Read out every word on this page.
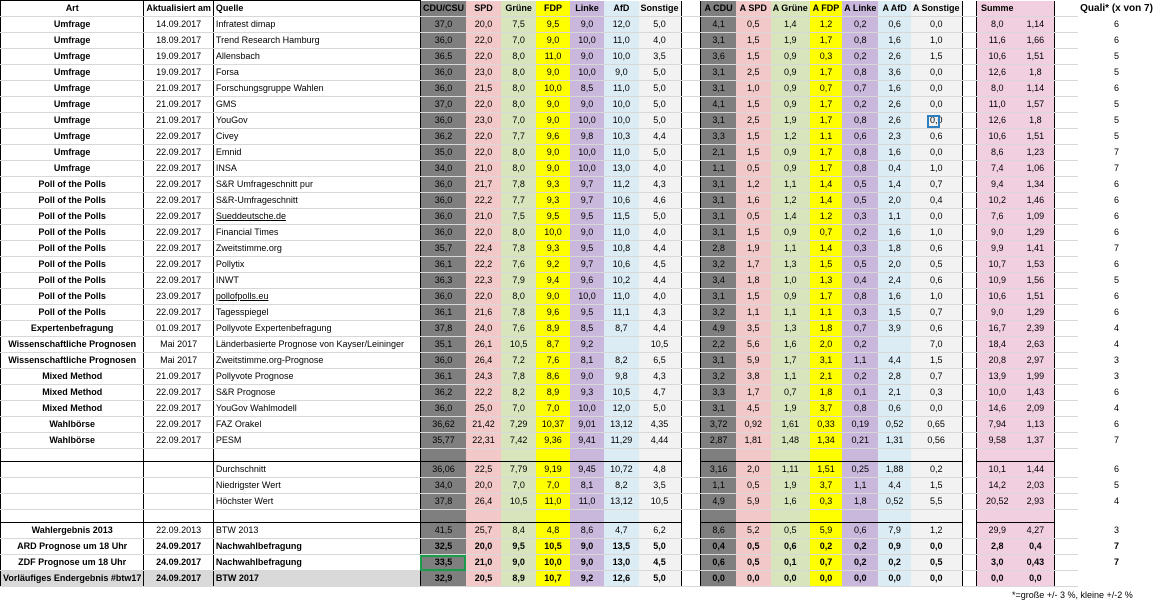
Art	Aktualisiert am	Quelle	CDU/CSU	SPD	Grüne	FDP	Linke	AfD	Sonstige		A CDU	A SPD	A Grüne	A FDP	A Linke	A AfD	A Sonstige		Summe			Quali* (x von 7)
Umfrage	14.09.2017	Infratest dimap	37,0	20,0	7,5	9,5	9,0	12,0	5,0		4,1	0,5	1,4	1,2	0,2	0,6	0,0		8,0	1,14		6
Umfrage	18.09.2017	Trend Research Hamburg	36,0	22,0	7,0	9,0	10,0	11,0	4,0		3,1	1,5	1,9	1,7	0,8	1,6	1,0		11,6	1,66		6
Umfrage	19.09.2017	Allensbach	36,5	22,0	8,0	11,0	9,0	10,0	3,5		3,6	1,5	0,9	0,3	0,2	2,6	1,5		10,6	1,51		5
Umfrage	19.09.2017	Forsa	36,0	23,0	8,0	9,0	10,0	9,0	5,0		3,1	2,5	0,9	1,7	0,8	3,6	0,0		12,6	1,8		5
Umfrage	21.09.2017	Forschungsgruppe Wahlen	36,0	21,5	8,0	10,0	8,5	11,0	5,0		3,1	1,0	0,9	0,7	0,7	1,6	0,0		8,0	1,14		6
Umfrage	21.09.2017	GMS	37,0	22,0	8,0	9,0	9,0	10,0	5,0		4,1	1,5	0,9	1,7	0,2	2,6	0,0		11,0	1,57		5
Umfrage	21.09.2017	YouGov	36,0	23,0	7,0	9,0	10,0	10,0	5,0		3,1	2,5	1,9	1,7	0,8	2,6	0,0		12,6	1,8		5
Umfrage	22.09.2017	Civey	36,2	22,0	7,7	9,6	9,8	10,3	4,4		3,3	1,5	1,2	1,1	0,6	2,3	0,6		10,6	1,51		5
Umfrage	22.09.2017	Emnid	35,0	22,0	8,0	9,0	10,0	11,0	5,0		2,1	1,5	0,9	1,7	0,8	1,6	0,0		8,6	1,23		7
Umfrage	22.09.2017	INSA	34,0	21,0	8,0	9,0	10,0	13,0	4,0		1,1	0,5	0,9	1,7	0,8	0,4	1,0		7,4	1,06		7
Poll of the Polls	22.09.2017	S&R Umfrageschnitt pur	36,0	21,7	7,8	9,3	9,7	11,2	4,3		3,1	1,2	1,1	1,4	0,5	1,4	0,7		9,4	1,34		6
Poll of the Polls	22.09.2017	S&R-Umfrageschnitt	36,0	22,2	7,7	9,3	9,7	10,6	4,6		3,1	1,6	1,2	1,4	0,5	2,0	0,4		10,2	1,46		6
Poll of the Polls	22.09.2017	Sueddeutsche.de	36,0	21,0	7,5	9,5	9,5	11,5	5,0		3,1	0,5	1,4	1,2	0,3	1,1	0,0		7,6	1,09		6
Poll of the Polls	22.09.2017	Financial Times	36,0	22,0	8,0	10,0	9,0	11,0	4,0		3,1	1,5	0,9	0,7	0,2	1,6	1,0		9,0	1,29		6
Poll of the Polls	22.09.2017	Zweitstimme.org	35,7	22,4	7,8	9,3	9,5	10,8	4,4		2,8	1,9	1,1	1,4	0,3	1,8	0,6		9,9	1,41		7
Poll of the Polls	22.09.2017	Pollytix	36,1	22,2	7,6	9,2	9,7	10,6	4,5		3,2	1,7	1,3	1,5	0,5	2,0	0,5		10,7	1,53		6
Poll of the Polls	22.09.2017	INWT	36,3	22,3	7,9	9,4	9,6	10,2	4,4		3,4	1,8	1,0	1,3	0,4	2,4	0,6		10,9	1,56		5
Poll of the Polls	23.09.2017	pollofpolls.eu	36,0	22,0	8,0	9,0	10,0	11,0	4,0		3,1	1,5	0,9	1,7	0,8	1,6	1,0		10,6	1,51		6
Poll of the Polls	22.09.2017	Tagesspiegel	36,1	21,6	7,8	9,6	9,5	11,1	4,3		3,2	1,1	1,1	1,1	0,3	1,5	0,7		9,0	1,29		6
Expertenbefragung	01.09.2017	Pollyvote Expertenbefragung	37,8	24,0	7,6	8,9	8,5	8,7	4,4		4,9	3,5	1,3	1,8	0,7	3,9	0,6		16,7	2,39		4
Wissenschaftliche Prognosen	Mai 2017	Länderbasierte Prognose von Kayser/Leininger	35,1	26,1	10,5	8,7	9,2		10,5		2,2	5,6	1,6	2,0	0,2		7,0		18,4	2,63		4
Wissenschaftliche Prognosen	Mai 2017	Zweitstimme.org-Prognose	36,0	26,4	7,2	7,6	8,1	8,2	6,5		3,1	5,9	1,7	3,1	1,1	4,4	1,5		20,8	2,97		3
Mixed Method	21.09.2017	Pollyvote Prognose	36,1	24,3	7,8	8,6	9,0	9,8	4,3		3,2	3,8	1,1	2,1	0,2	2,8	0,7		13,9	1,99		3
Mixed Method	22.09.2017	S&R Prognose	36,2	22,2	8,2	8,9	9,3	10,5	4,7		3,3	1,7	0,7	1,8	0,1	2,1	0,3		10,0	1,43		6
Mixed Method	22.09.2017	YouGov Wahlmodell	36,0	25,0	7,0	7,0	10,0	12,0	5,0		3,1	4,5	1,9	3,7	0,8	0,6	0,0		14,6	2,09		4
Wahlbörse	22.09.2017	FAZ Orakel	36,62	21,42	7,29	10,37	9,01	13,12	4,35		3,72	0,92	1,61	0,33	0,19	0,52	0,65		7,94	1,13		6
Wahlbörse	22.09.2017	PESM	35,77	22,31	7,42	9,36	9,41	11,29	4,44		2,87	1,81	1,48	1,34	0,21	1,31	0,56		9,58	1,37		7

		Durchschnitt	36,06	22,5	7,79	9,19	9,45	10,72	4,8		3,16	2,0	1,11	1,51	0,25	1,88	0,2		10,1	1,44		6
		Niedrigster Wert	34,0	20,0	7,0	7,0	8,1	8,2	3,5		1,1	0,5	1,9	3,7	1,1	4,4	1,5		14,2	2,03		5
		Höchster Wert	37,8	26,4	10,5	11,0	11,0	13,12	10,5		4,9	5,9	1,6	0,3	1,8	0,52	5,5		20,52	2,93		4

Wahlergebnis 2013	22.09.2013	BTW 2013	41,5	25,7	8,4	4,8	8,6	4,7	6,2		8,6	5,2	0,5	5,9	0,6	7,9	1,2		29,9	4,27		3
ARD Prognose um 18 Uhr	24.09.2017	Nachwahlbefragung	32,5	20,0	9,5	10,5	9,0	13,5	5,0		0,4	0,5	0,6	0,2	0,2	0,9	0,0		2,8	0,4		7
ZDF Prognose um 18 Uhr	24.09.2017	Nachwahlbefragung	33,5	21,0	9,0	10,0	9,0	13,0	4,5		0,6	0,5	0,1	0,7	0,2	0,2	0,5		3,0	0,43		7
Vorläufiges Endergebnis #btw17	24.09.2017	BTW 2017	32,9	20,5	8,9	10,7	9,2	12,6	5,0		0,0	0,0	0,0	0,0	0,0	0,0	0,0		0,0	0,0		
*=große +/- 3 %, kleine +/-2 %
